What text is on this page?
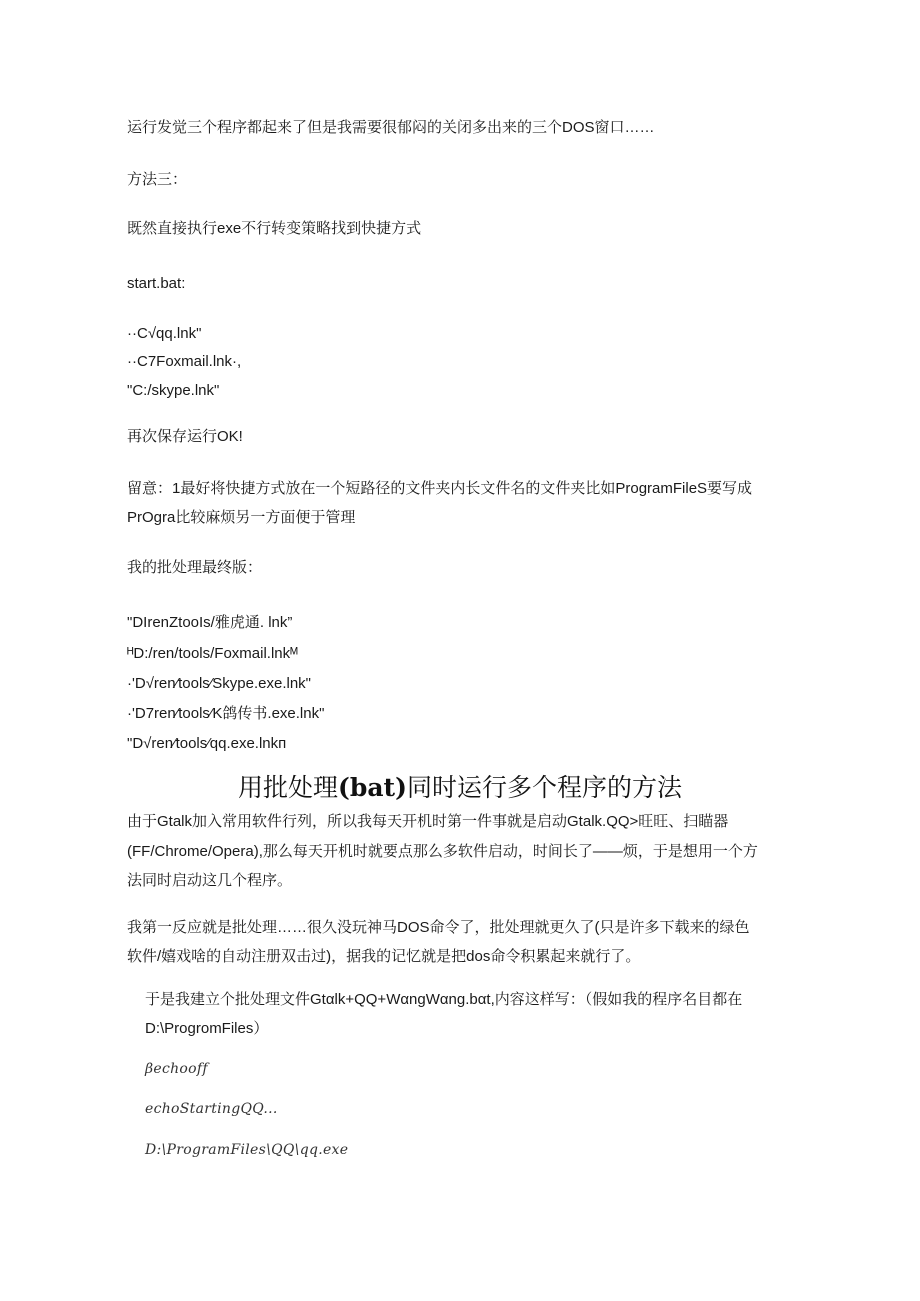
运行发觉三个程序都起来了但是我需要很郁闷的关闭多出来的三个DOS窗口……
方法三：
既然直接执行exe不行转变策略找到快捷方式
start.bat:
··C√qq.lnk"
··C7Foxmail.lnk·,
"C:/skype.lnk"
再次保存运行OK!
留意：1最好将快捷方式放在一个短路径的文件夹内长文件名的文件夹比如ProgramFileS要写成
PrOgra比较麻烦另一方面便于管理
我的批处理最终版：
"DIrenZtooIs/雅虎通. lnk”
ᴴD:/ren/tools/Foxmail.lnkᴹ
·'D√ren⁄tools⁄Skype.exe.lnk"
·'D7ren⁄tools⁄K鸽传书.exe.lnk"
"D√ren⁄tools⁄qq.exe.lnkᴨ
用批处理(bat)同时运行多个程序的方法
由于Gtalk加入常用软件行列，所以我每天开机时第一件事就是启动Gtalk.QQ>旺旺、扫瞄器
(FF/Chrome/Opera),那么每天开机时就要点那么多软件启动，时间长了——烦，于是想用一个方
法同时启动这几个程序。
我第一反应就是批处理……很久没玩神马DOS命令了，批处理就更久了(只是许多下载来的绿色
软件/嬉戏啥的自动注册双击过)，据我的记忆就是把dos命令积累起来就行了。
于是我建立个批处理文件Gtαlk+QQ+WαngWαng.bαt,内容这样写：（假如我的程序名目都在
D:\ProgromFiles）
βechooff
echoStartingQQ...
D:\ProgramFiles\QQ\qq.exe
